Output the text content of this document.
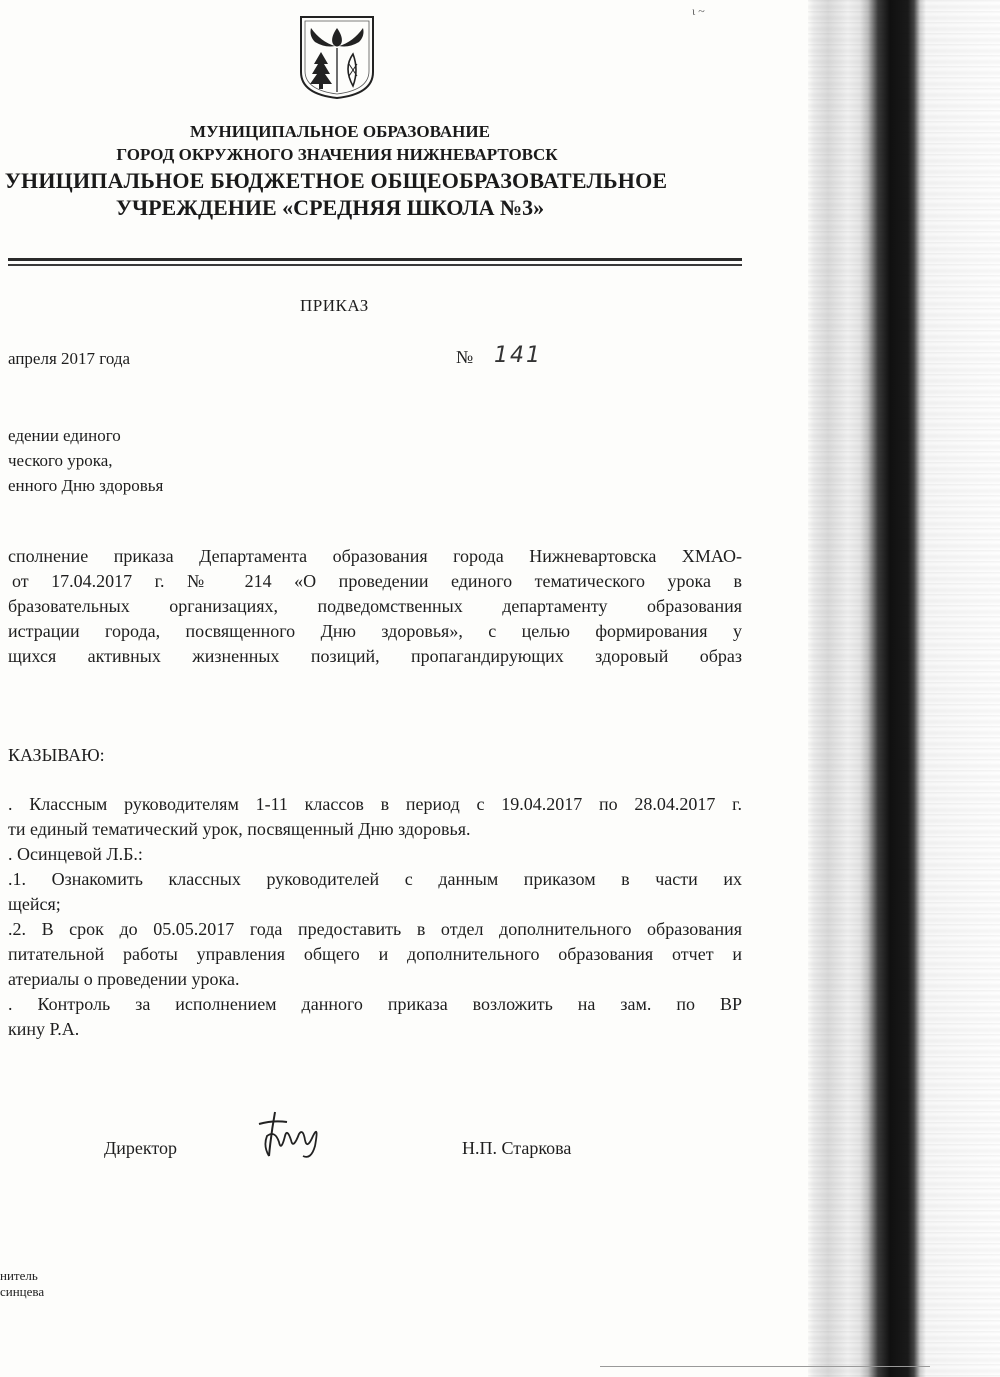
ι ~
МУНИЦИПАЛЬНОЕ ОБРАЗОВАНИЕ
ГОРОД ОКРУЖНОГО ЗНАЧЕНИЯ НИЖНЕВАРТОВСК
УНИЦИПАЛЬНОЕ БЮДЖЕТНОЕ ОБЩЕОБРАЗОВАТЕЛЬНОЕ
УЧРЕЖДЕНИЕ «СРЕДНЯЯ ШКОЛА №3»
ПРИКАЗ
апреля 2017 года	№ 141
едении единого
ческого урока,
енного Дню здоровья
сполнение приказа Департамента образования города Нижневартовска ХМАО-
от 17.04.2017 г. № 214 «О проведении единого тематического урока в
бразовательных организациях, подведомственных департаменту образования
истрации города, посвященного Дню здоровья», с целью формирования у
щихся активных жизненных позиций, пропагандирующих здоровый образ
КАЗЫВАЮ:
. Классным руководителям 1-11 классов в период с 19.04.2017 по 28.04.2017 г.
ти единый тематический урок, посвященный Дню здоровья.
. Осинцевой Л.Б.:
.1. Ознакомить классных руководителей с данным приказом в части их
щейся;
.2. В срок до 05.05.2017 года предоставить в отдел дополнительного образования
питательной работы управления общего и дополнительного образования отчет и
атериалы о проведении урока.
. Контроль за исполнением данного приказа возложить на зам. по ВР
кину Р.А.
Директор	Н.П. Старкова
нитель
синцева
